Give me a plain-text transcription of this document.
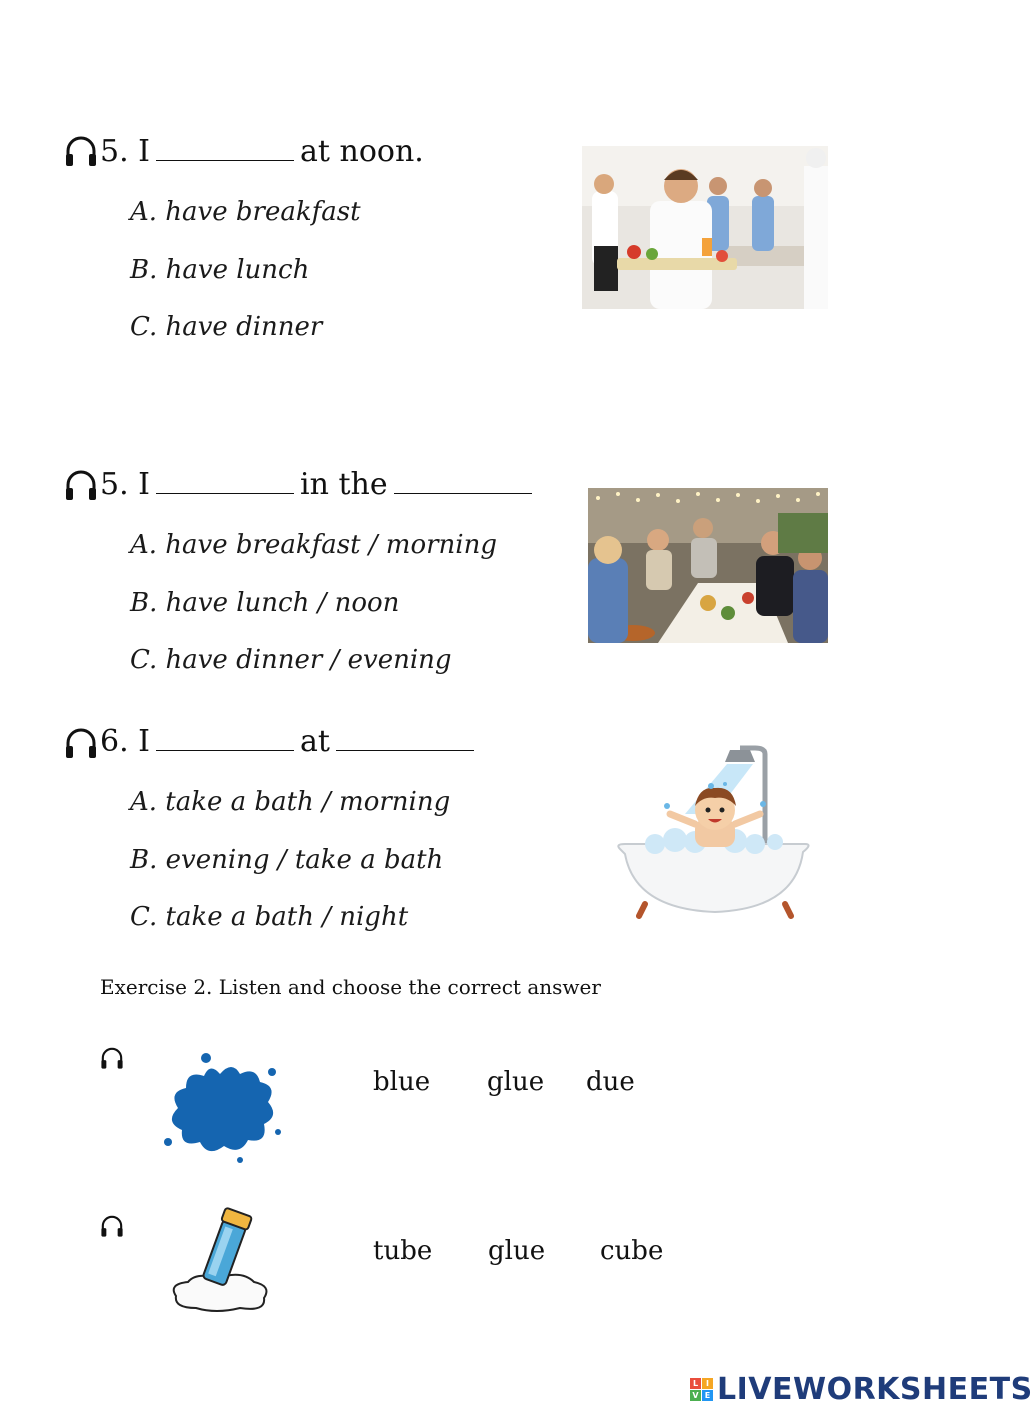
5. I	at noon.
A. have breakfast
B. have lunch
C. have dinner
5. I	in the
A. have breakfast / morning
B. have lunch / noon
C. have dinner / evening
6. I	at
A. take a bath / morning
B. evening / take a bath
C. take a bath / night
Exercise 2. Listen and choose the correct answer
blue glue due
tube glue cube
L I
V E LIVEWORKSHEETS
